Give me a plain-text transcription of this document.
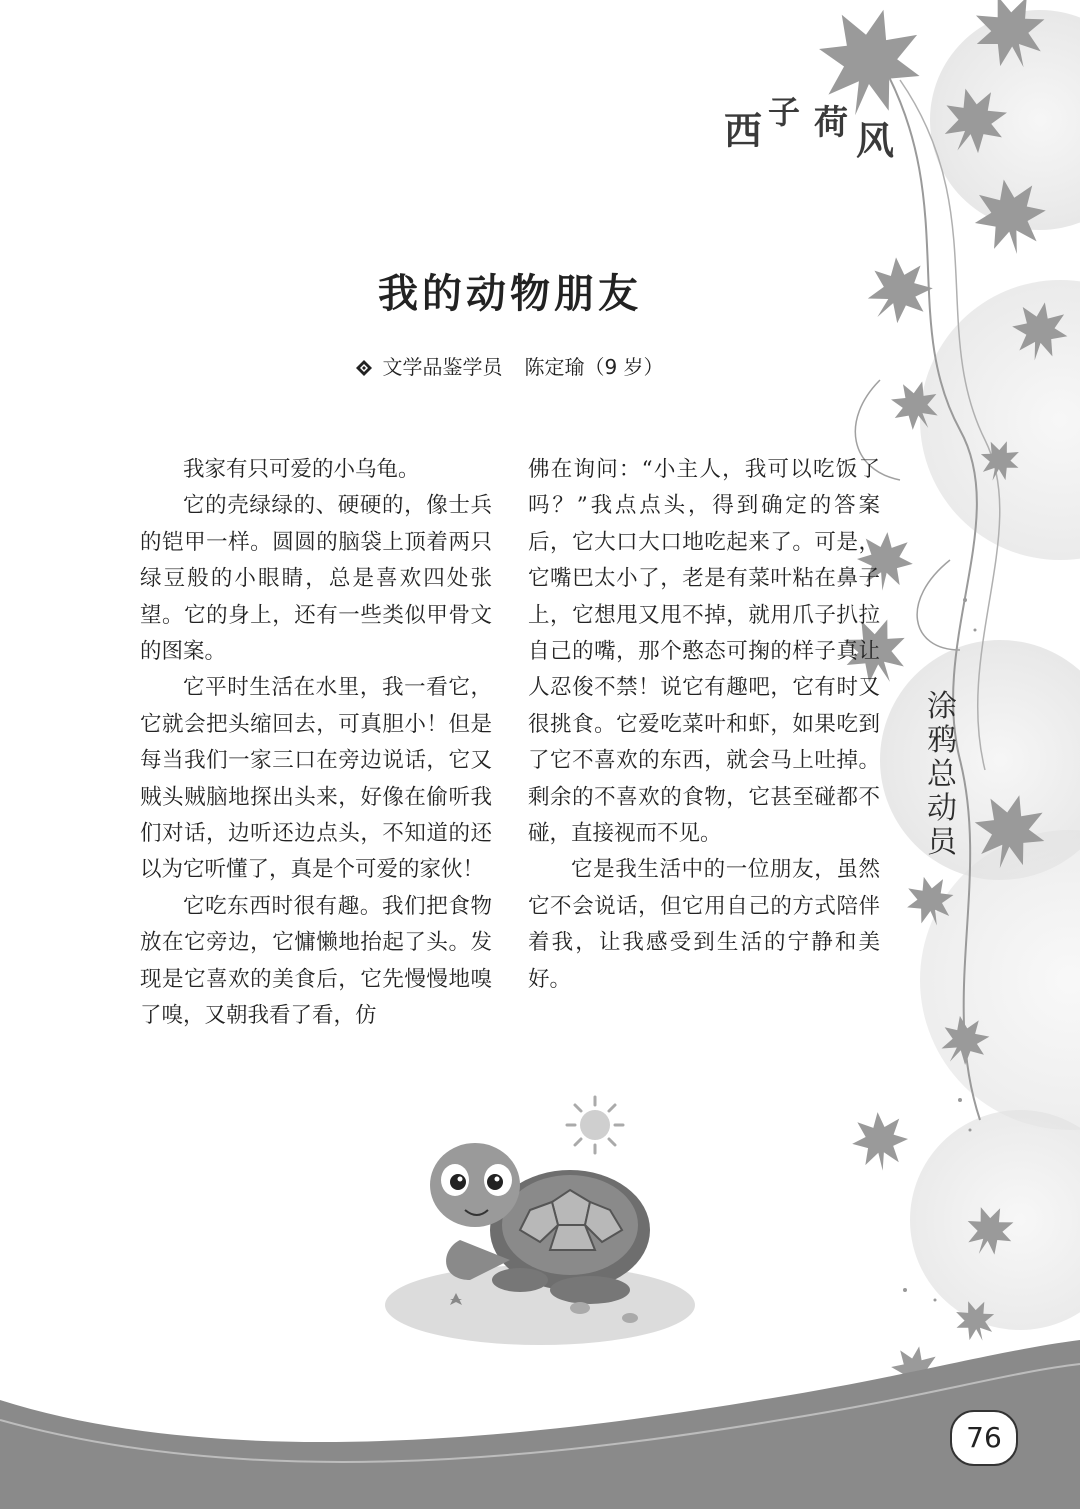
西 子 荷 风
我的动物朋友
文学品鉴学员 陈定瑜（9 岁）

我家有只可爱的小乌龟。

它的壳绿绿的、硬硬的，像士兵的铠甲一样。圆圆的脑袋上顶着两只绿豆般的小眼睛，总是喜欢四处张望。它的身上，还有一些类似甲骨文的图案。

它平时生活在水里，我一看它，它就会把头缩回去，可真胆小！但是每当我们一家三口在旁边说话，它又贼头贼脑地探出头来，好像在偷听我们对话，边听还边点头，不知道的还以为它听懂了，真是个可爱的家伙！

它吃东西时很有趣。我们把食物放在它旁边，它慵懒地抬起了头。发现是它喜欢的美食后，它先慢慢地嗅了嗅，又朝我看了看，仿

佛在询问：“小主人，我可以吃饭了吗？”我点点头，得到确定的答案后，它大口大口地吃起来了。可是，它嘴巴太小了，老是有菜叶粘在鼻子上，它想甩又甩不掉，就用爪子扒拉自己的嘴，那个憨态可掬的样子真让人忍俊不禁！说它有趣吧，它有时又很挑食。它爱吃菜叶和虾，如果吃到了它不喜欢的东西，就会马上吐掉。剩余的不喜欢的食物，它甚至碰都不碰，直接视而不见。

它是我生活中的一位朋友，虽然它不会说话，但它用自己的方式陪伴着我，让我感受到生活的宁静和美好。

涂
鸦
总
动
员
76
